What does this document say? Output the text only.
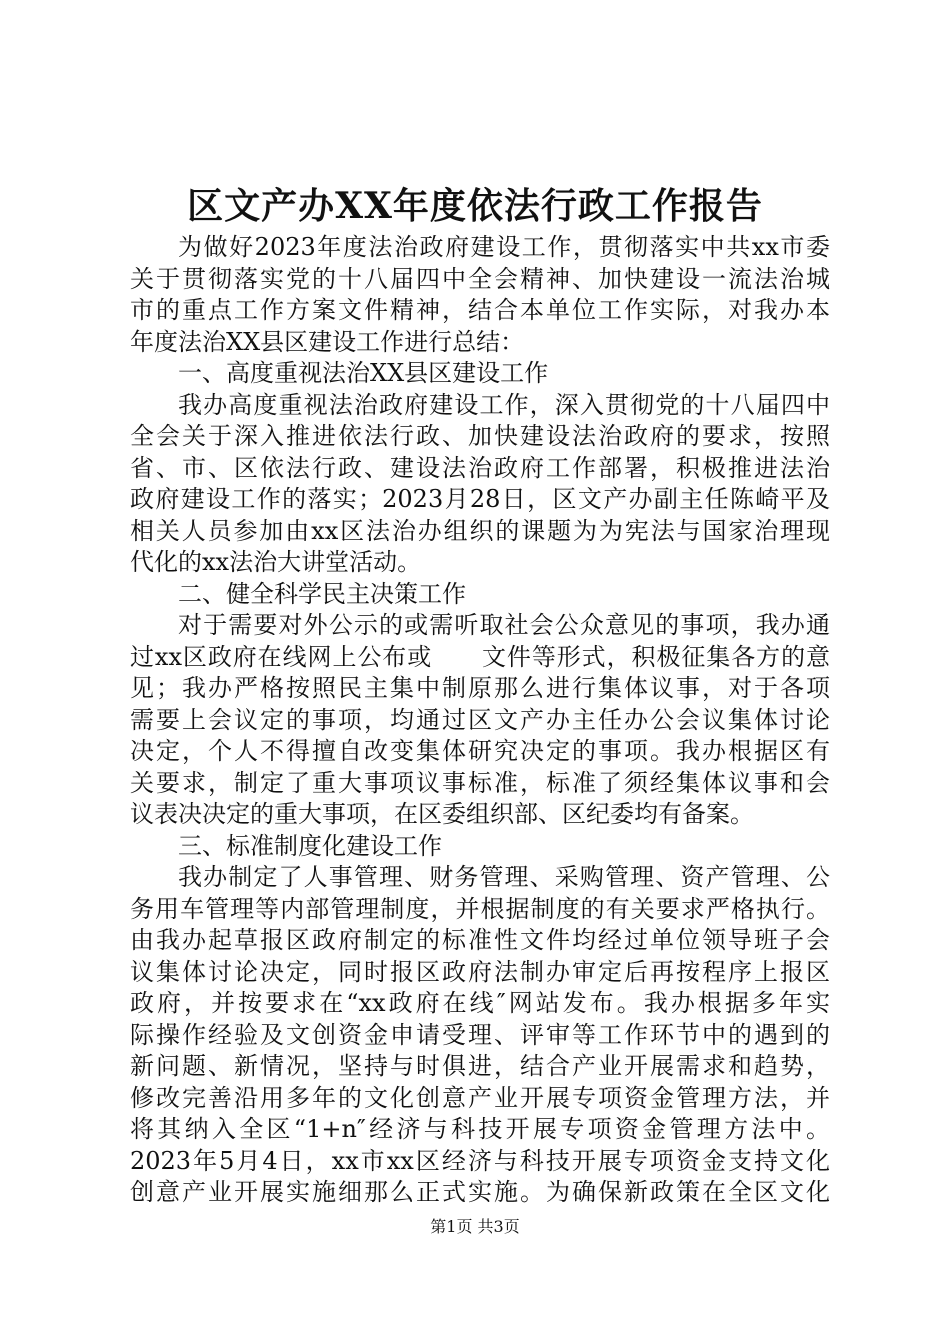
区文产办XX年度依法行政工作报告
为做好2023年度法治政府建设工作，贯彻落实中共xx市委
关于贯彻落实党的十八届四中全会精神、加快建设一流法治城
市的重点工作方案文件精神，结合本单位工作实际，对我办本
年度法治XX县区建设工作进行总结：
一、高度重视法治XX县区建设工作
我办高度重视法治政府建设工作，深入贯彻党的十八届四中
全会关于深入推进依法行政、加快建设法治政府的要求，按照
省、市、区依法行政、建设法治政府工作部署，积极推进法治
政府建设工作的落实；2023月28日，区文产办副主任陈崎平及
相关人员参加由xx区法治办组织的课题为为宪法与国家治理现
代化的xx法治大讲堂活动。
二、健全科学民主决策工作
对于需要对外公示的或需听取社会公众意见的事项，我办通
过xx区政府在线网上公布或　　文件等形式，积极征集各方的意
见；我办严格按照民主集中制原那么进行集体议事，对于各项
需要上会议定的事项，均通过区文产办主任办公会议集体讨论
决定，个人不得擅自改变集体研究决定的事项。我办根据区有
关要求，制定了重大事项议事标准，标准了须经集体议事和会
议表决决定的重大事项，在区委组织部、区纪委均有备案。
三、标准制度化建设工作
我办制定了人事管理、财务管理、采购管理、资产管理、公
务用车管理等内部管理制度，并根据制度的有关要求严格执行。
由我办起草报区政府制定的标准性文件均经过单位领导班子会
议集体讨论决定，同时报区政府法制办审定后再按程序上报区
政府，并按要求在“xx政府在线″网站发布。我办根据多年实
际操作经验及文创资金申请受理、评审等工作环节中的遇到的
新问题、新情况，坚持与时俱进，结合产业开展需求和趋势，
修改完善沿用多年的文化创意产业开展专项资金管理方法，并
将其纳入全区“1+n″经济与科技开展专项资金管理方法中。
2023年5月4日，xx市xx区经济与科技开展专项资金支持文化
创意产业开展实施细那么正式实施。为确保新政策在全区文化
第1页 共3页
